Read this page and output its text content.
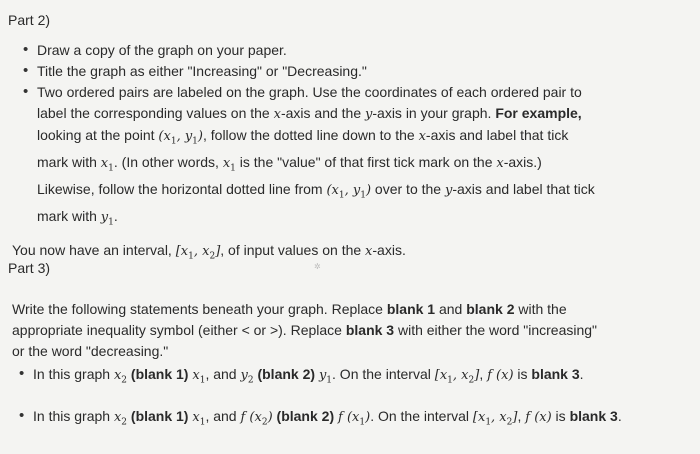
Part 2)
• Draw a copy of the graph on your paper.
• Title the graph as either "Increasing" or "Decreasing."
• Two ordered pairs are labeled on the graph. Use the coordinates of each ordered pair to label the corresponding values on the x-axis and the y-axis in your graph. For example, looking at the point ($x_1$, $y_1$), follow the dotted line down to the x-axis and label that tick mark with $x_1$. (In other words, $x_1$ is the "value" of that first tick mark on the x-axis.) Likewise, follow the horizontal dotted line from ($x_1$, $y_1$) over to the y-axis and label that tick mark with $y_1$.

You now have an interval, [$x_1$, $x_2$], of input values on the x-axis.

Part 3)	✲

Write the following statements beneath your graph. Replace blank 1 and blank 2 with the appropriate inequality symbol (either < or >). Replace blank 3 with either the word "increasing" or the word "decreasing."

• In this graph $x_2$ (blank 1) $x_1$, and $y_2$ (blank 2) $y_1$. On the interval [$x_1$, $x_2$], f (x) is blank 3.
• In this graph $x_2$ (blank 1) $x_1$, and f $(x_2)$ (blank 2) f $(x_1)$. On the interval [$x_1$, $x_2$], f (x) is blank 3.
